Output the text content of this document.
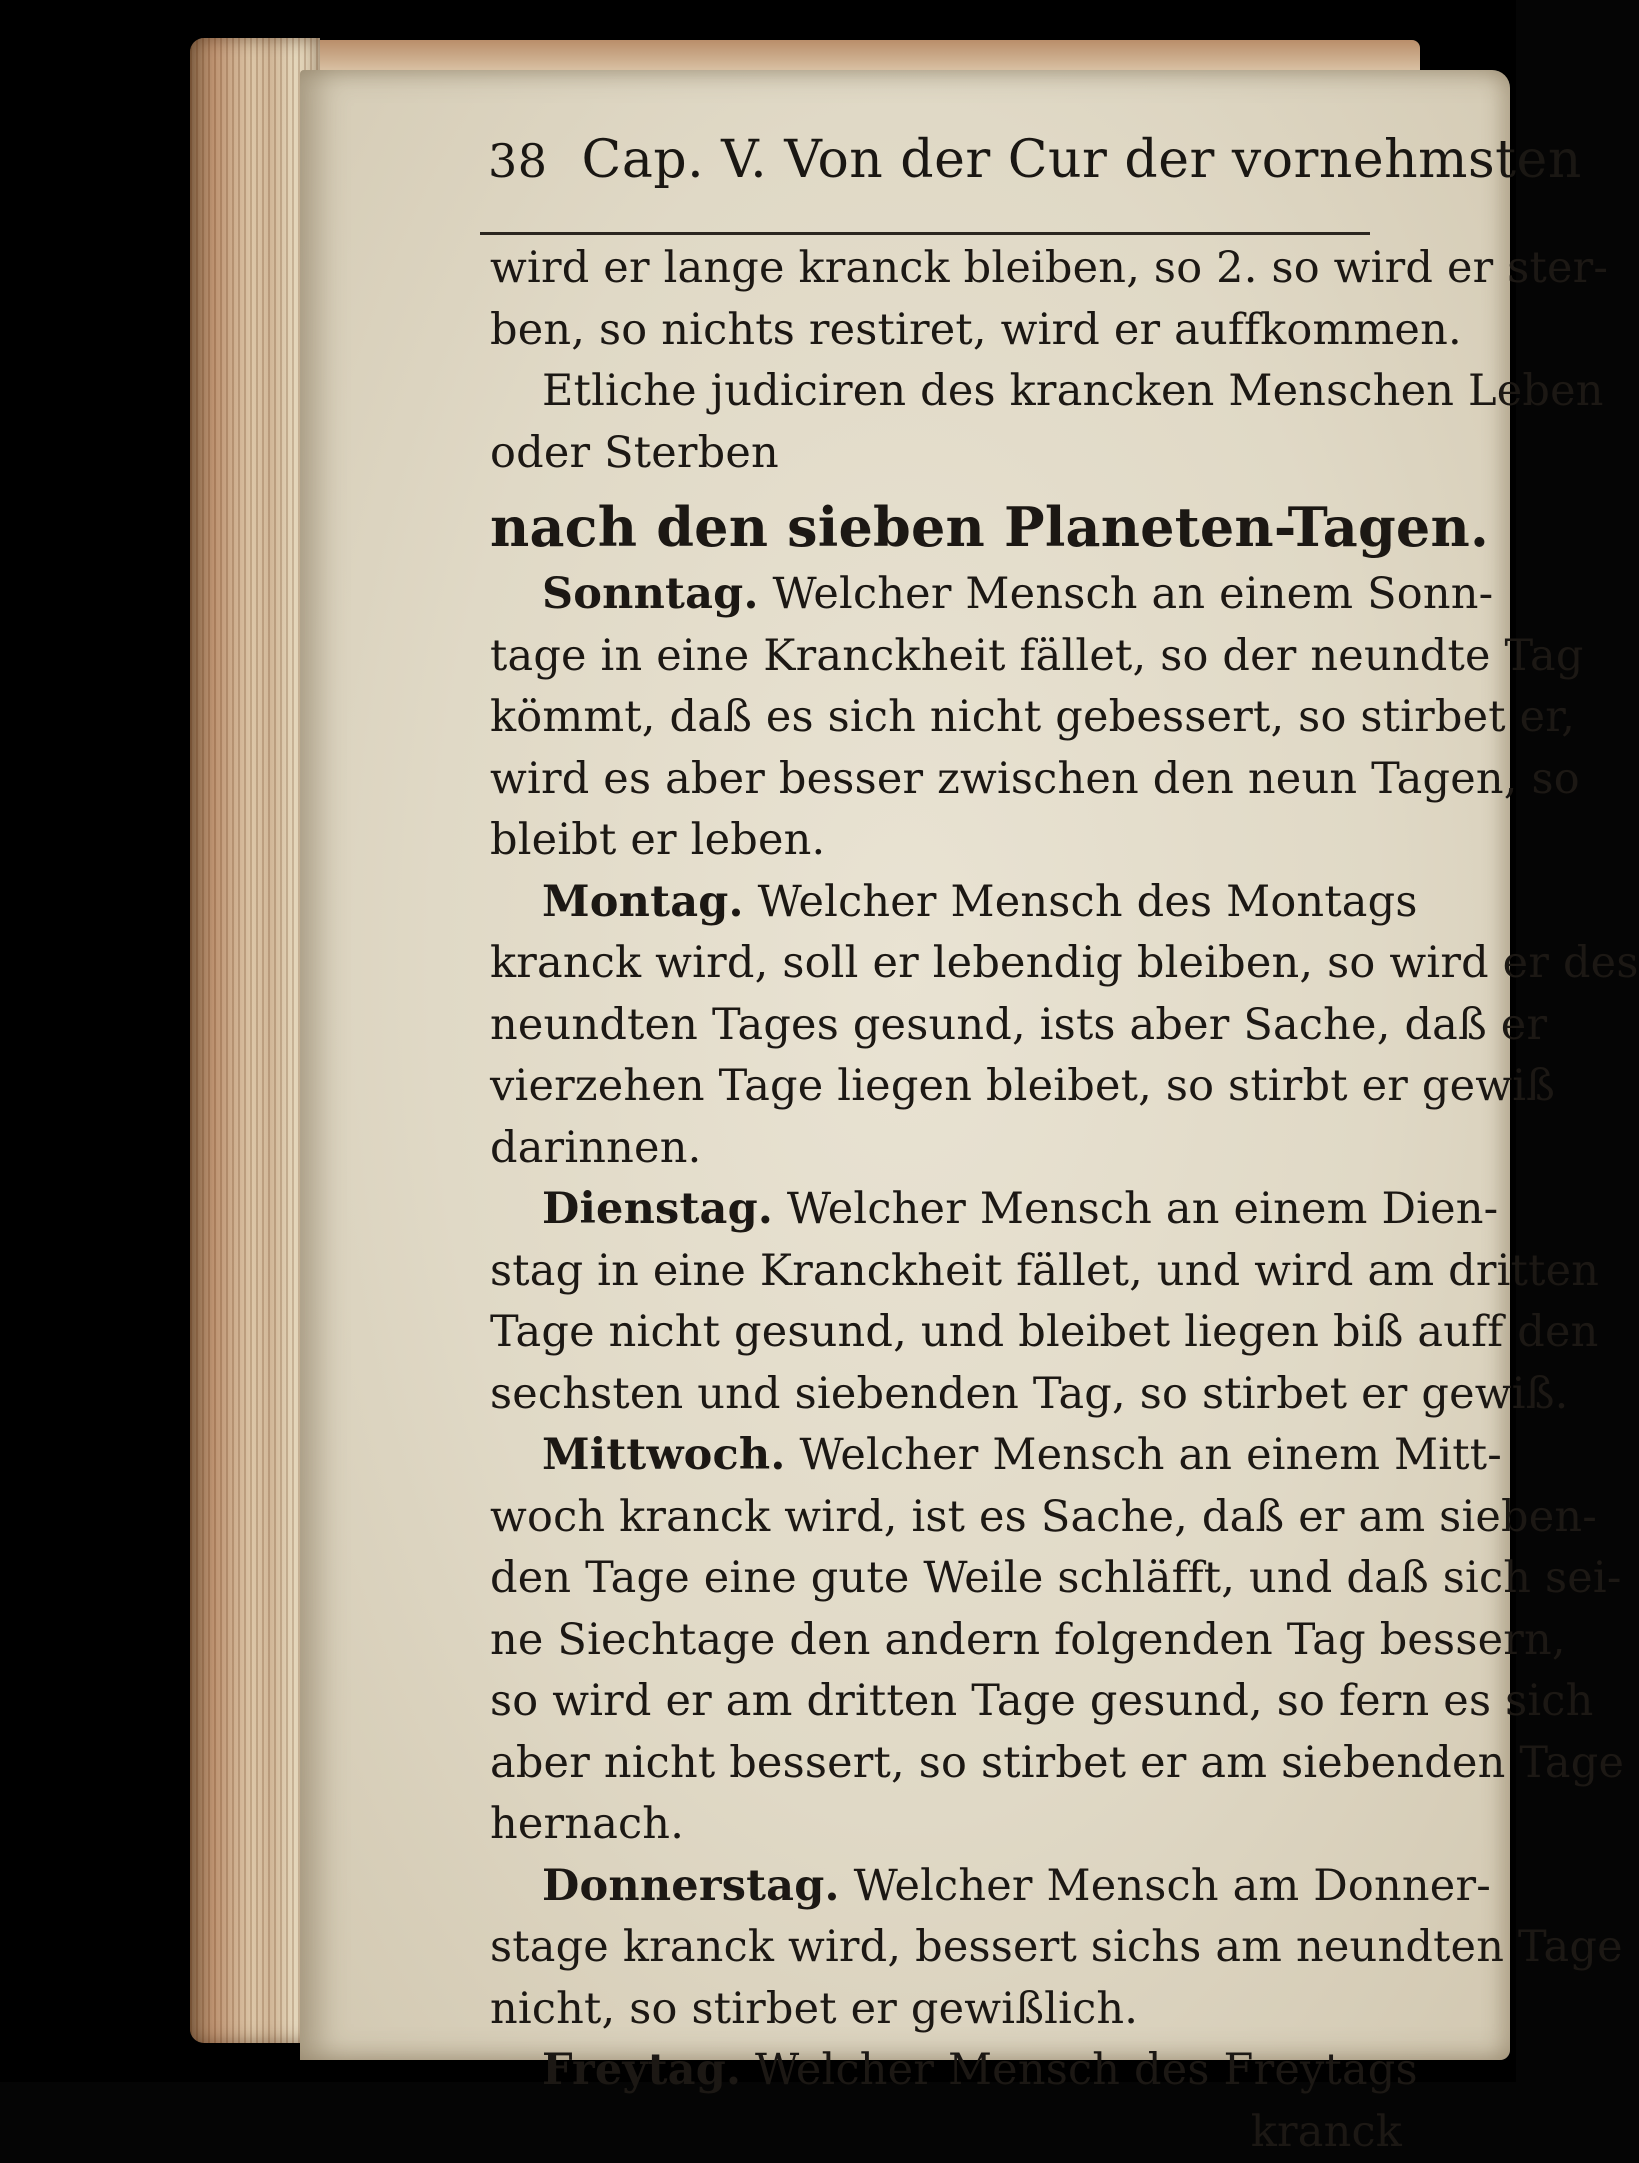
38 Cap. V. Von der Cur der vornehmsten
wird er lange kranck bleiben, so 2. so wird er ster-
ben, so nichts restiret, wird er auffkommen.
Etliche judiciren des krancken Menschen Leben
oder Sterben
nach den sieben Planeten-Tagen.
Sonntag. Welcher Mensch an einem Sonn-
tage in eine Kranckheit fället, so der neundte Tag
kömmt, daß es sich nicht gebessert, so stirbet er,
wird es aber besser zwischen den neun Tagen, so
bleibt er leben.
Montag. Welcher Mensch des Montags
kranck wird, soll er lebendig bleiben, so wird er des
neundten Tages gesund, ists aber Sache, daß er
vierzehen Tage liegen bleibet, so stirbt er gewiß
darinnen.
Dienstag. Welcher Mensch an einem Dien-
stag in eine Kranckheit fället, und wird am dritten
Tage nicht gesund, und bleibet liegen biß auff den
sechsten und siebenden Tag, so stirbet er gewiß.
Mittwoch. Welcher Mensch an einem Mitt-
woch kranck wird, ist es Sache, daß er am sieben-
den Tage eine gute Weile schläfft, und daß sich sei-
ne Siechtage den andern folgenden Tag bessern,
so wird er am dritten Tage gesund, so fern es sich
aber nicht bessert, so stirbet er am siebenden Tage
hernach.
Donnerstag. Welcher Mensch am Donner-
stage kranck wird, bessert sichs am neundten Tage
nicht, so stirbet er gewißlich.
Freytag. Welcher Mensch des Freytags
kranck
